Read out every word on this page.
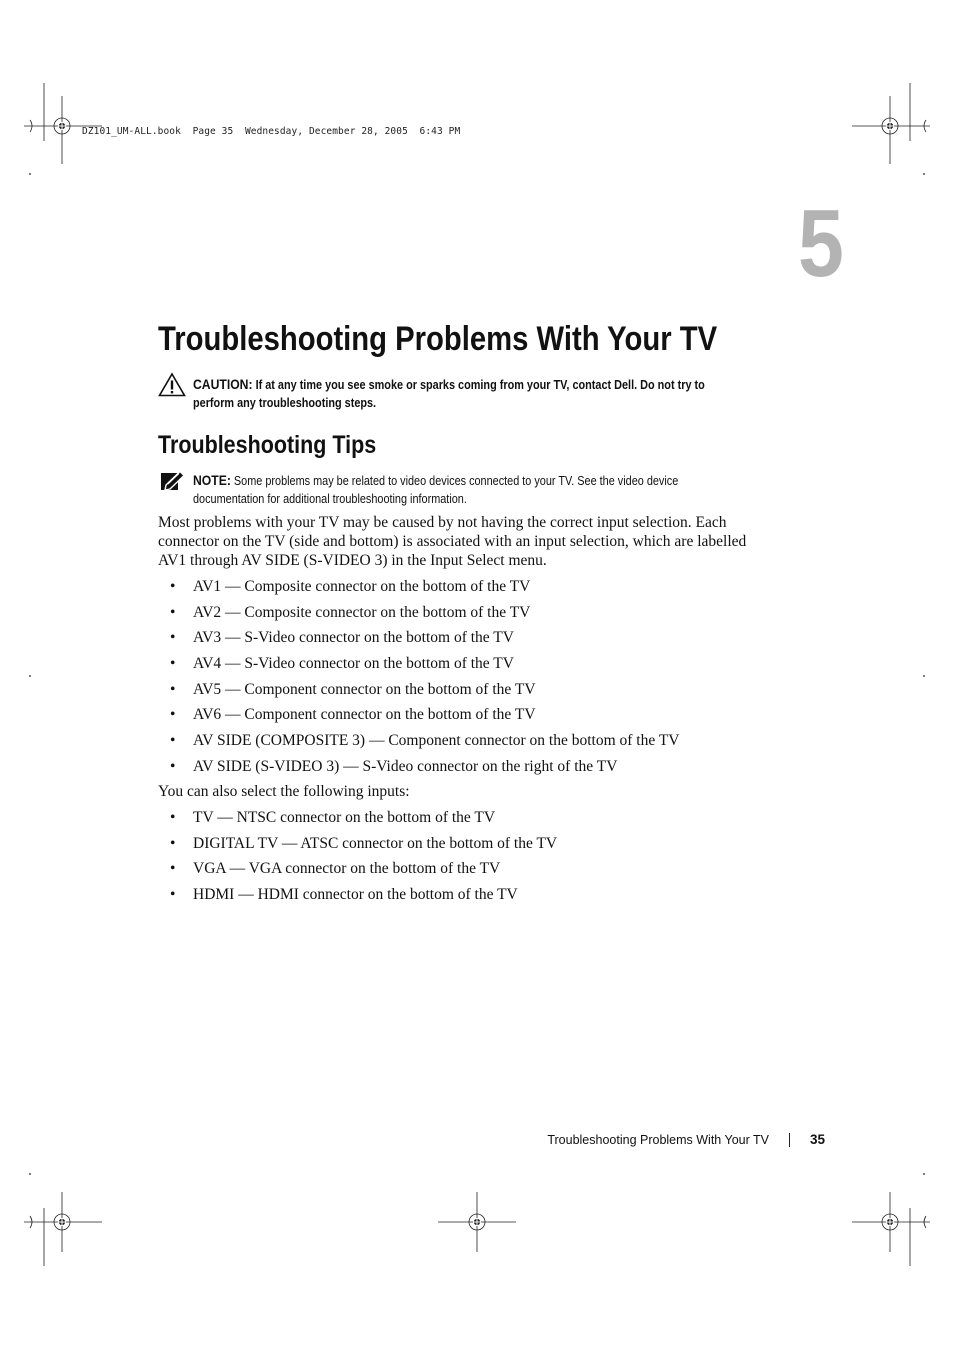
DZ101_UM-ALL.book  Page 35  Wednesday, December 28, 2005  6:43 PM
5
Troubleshooting Problems With Your TV
CAUTION: If at any time you see smoke or sparks coming from your TV, contact Dell. Do not try to
perform any troubleshooting steps.
Troubleshooting Tips
NOTE: Some problems may be related to video devices connected to your TV. See the video device
documentation for additional troubleshooting information.

Most problems with your TV may be caused by not having the correct input selection. Each
connector on the TV (side and bottom) is associated with an input selection, which are labelled
AV1 through AV SIDE (S-VIDEO 3) in the Input Select menu.

• AV1 — Composite connector on the bottom of the TV
• AV2 — Composite connector on the bottom of the TV
• AV3 — S-Video connector on the bottom of the TV
• AV4 — S-Video connector on the bottom of the TV
• AV5 — Component connector on the bottom of the TV
• AV6 — Component connector on the bottom of the TV
• AV SIDE (COMPOSITE 3) — Component connector on the bottom of the TV
• AV SIDE (S-VIDEO 3) — S-Video connector on the right of the TV

You can also select the following inputs:

• TV — NTSC connector on the bottom of the TV
• DIGITAL TV — ATSC connector on the bottom of the TV
• VGA — VGA connector on the bottom of the TV
• HDMI — HDMI connector on the bottom of the TV
Troubleshooting Problems With Your TV	35
